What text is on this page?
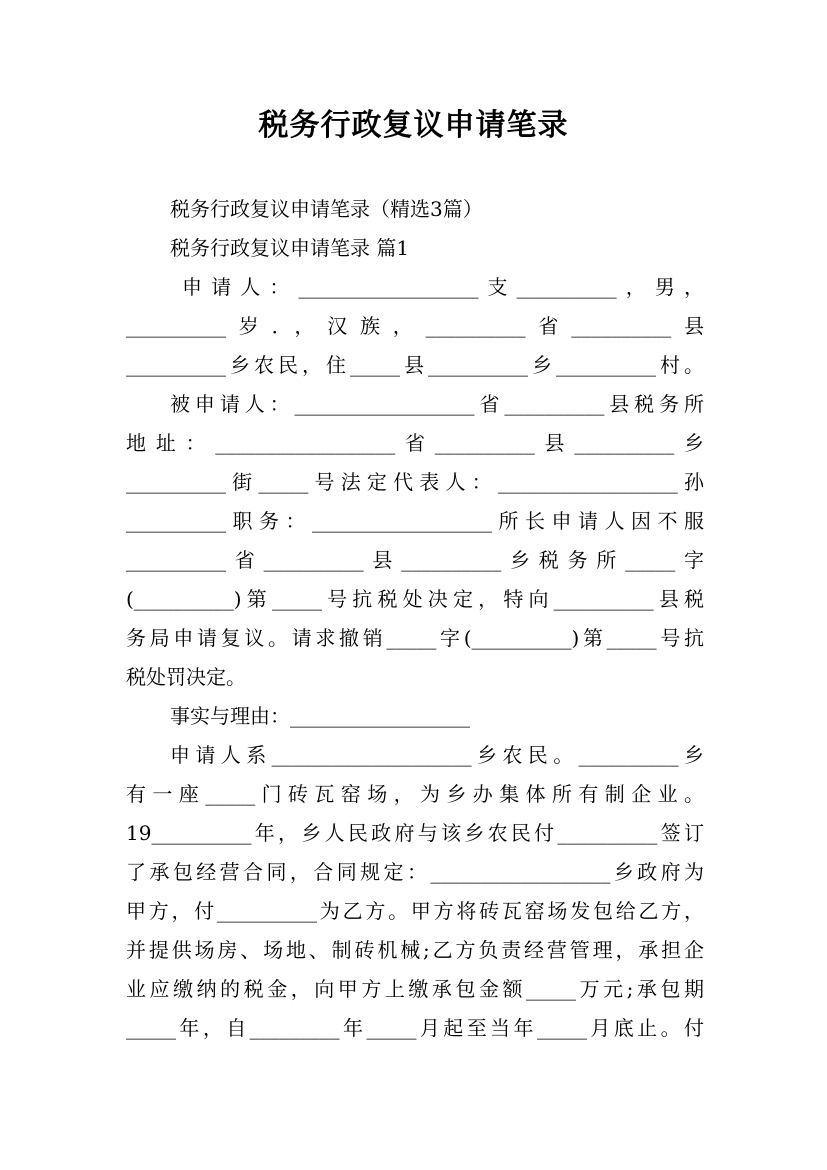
税务行政复议申请笔录
税务行政复议申请笔录（精选3篇）
税务行政复议申请笔录 篇1
申请人：__________________支__________，男，
__________岁．，汉族，__________省__________县
__________乡农民，住_____县__________乡__________村。
被申请人：__________________省__________县税务所
地址：__________________省__________县__________乡
__________街_____号法定代表人：__________________孙
__________职务：__________________所长申请人因不服
__________省__________县__________乡税务所_____字
(__________)第_____号抗税处决定，特向__________县税
务局申请复议。请求撤销_____字(__________)第_____号抗
税处罚决定。
事实与理由：__________________
申请人系____________________乡农民。__________乡
有一座_____门砖瓦窑场，为乡办集体所有制企业。
19__________年，乡人民政府与该乡农民付__________签订
了承包经营合同，合同规定：__________________乡政府为
甲方，付__________为乙方。甲方将砖瓦窑场发包给乙方，
并提供场房、场地、制砖机械;乙方负责经营管理，承担企
业应缴纳的税金，向甲方上缴承包金额_____万元;承包期
_____年，自_________年_____月起至当年_____月底止。付
